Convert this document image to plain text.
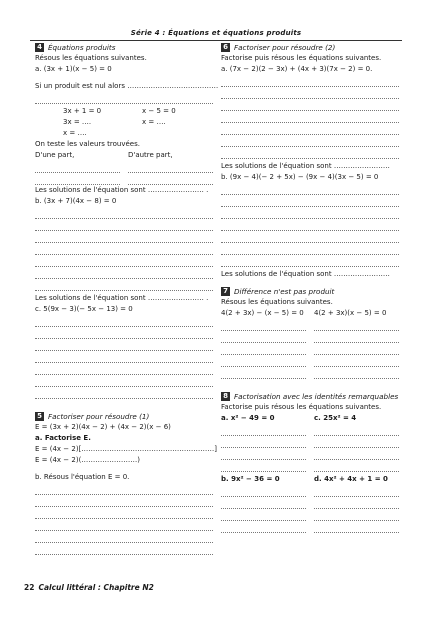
Série 4 : Équations et équations produits
4 Équations produits
Résous les équations suivantes.
a. (3x + 1)(x − 5) = 0
Si un produit est nul alors …………………………………
3x + 1 = 0
3x = ….
x = ….
x − 5 = 0
x = ….
On teste les valeurs trouvées.
D'une part,	D'autre part,
Les solutions de l'équation sont …………………… .
b. (3x + 7)(4x − 8) = 0
Les solutions de l'équation sont …………………… .
c. 5(9x − 3)(− 5x − 13) = 0
5 Factoriser pour résoudre (1)
E = (3x + 2)(4x − 2) + (4x − 2)(x − 6)
a. Factorise E.
E = (4x − 2)[…………………………………………………]
E = (4x − 2)(……………………)
b. Résous l'équation E = 0.
6 Factoriser pour résoudre (2)
Factorise puis résous les équations suivantes.
a. (7x − 2)(2 − 3x) + (4x + 3)(7x − 2) = 0.
Les solutions de l'équation sont ……………………
b. (9x − 4)(− 2 + 5x) − (9x − 4)(3x − 5) = 0
Les solutions de l'équation sont ……………………
7 Différence n'est pas produit
Résous les équations suivantes.
4(2 + 3x) − (x − 5) = 0	4(2 + 3x)(x − 5) = 0
8 Factorisation avec les identités remarquables
Factorise puis résous les équations suivantes.
a. x² − 49 = 0	c. 25x² = 4
b. 9x² − 36 = 0	d. 4x² + 4x + 1 = 0
22 Calcul littéral : Chapitre N2
